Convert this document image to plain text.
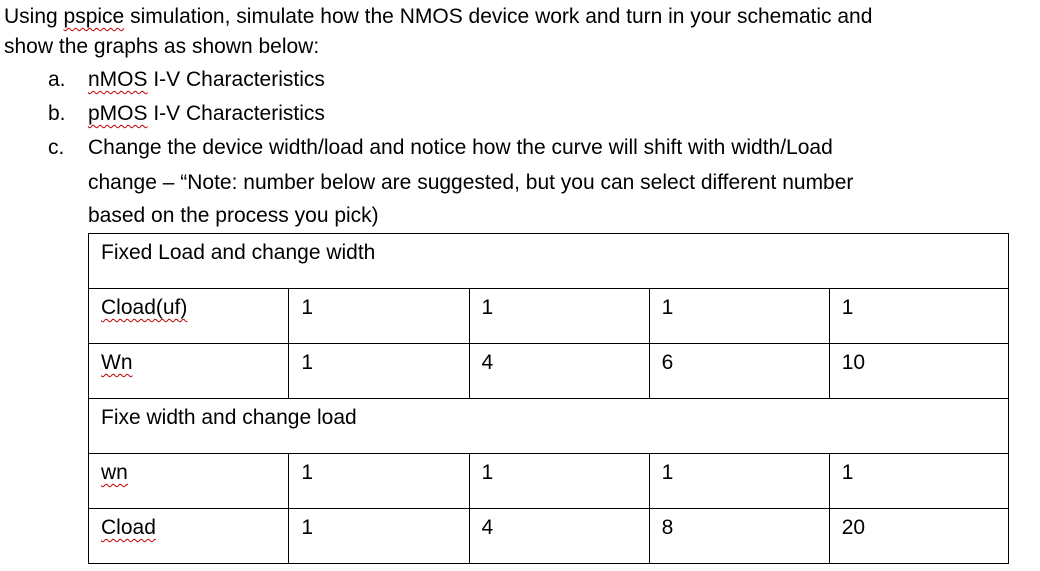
Using pspice simulation, simulate how the NMOS device work and turn in your schematic and
show the graphs as shown below:
a.	nMOS I-V Characteristics
b.	pMOS I-V Characteristics
c.	Change the device width/load and notice how the curve will shift with width/Load
change – “Note: number below are suggested, but you can select different number
based on the process you pick)
Fixed Load and change width				
Cload(uf)	1	1	1	1
Wn	1	4	6	10
Fixe width and change load				
wn	1	1	1	1
Cload	1	4	8	20
